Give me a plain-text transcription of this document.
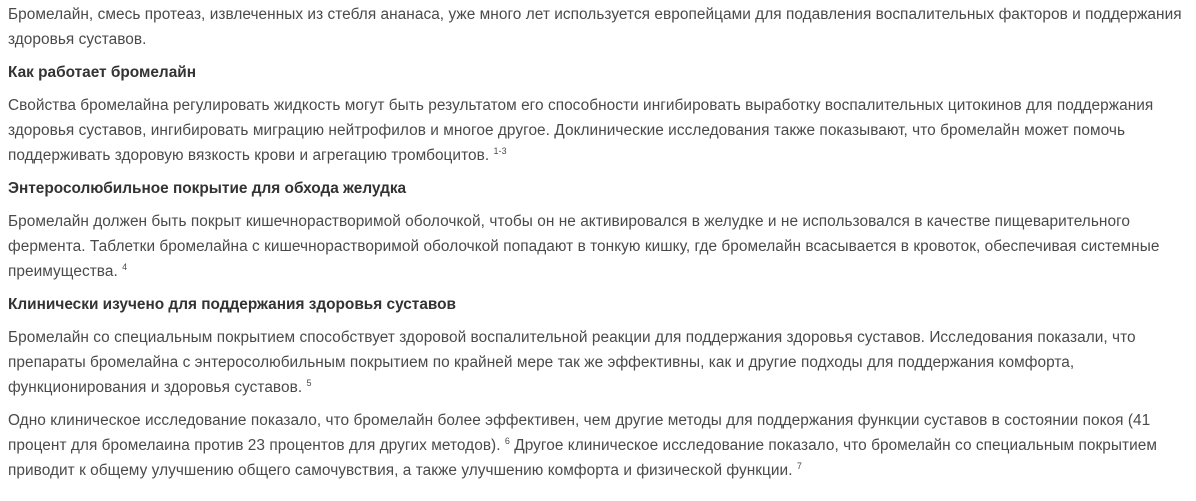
Бромелайн, смесь протеаз, извлеченных из стебля ананаса, уже много лет используется европейцами для подавления воспалительных факторов и поддержания здоровья суставов.

Как работает бромелайн

Свойства бромелайна регулировать жидкость могут быть результатом его способности ингибировать выработку воспалительных цитокинов для поддержания здоровья суставов, ингибировать миграцию нейтрофилов и многое другое. Доклинические исследования также показывают, что бромелайн может помочь поддерживать здоровую вязкость крови и агрегацию тромбоцитов. $^{1-3}$

Энтеросолюбильное покрытие для обхода желудка

Бромелайн должен быть покрыт кишечнорастворимой оболочкой, чтобы он не активировался в желудке и не использовался в качестве пищеварительного фермента. Таблетки бромелайна с кишечнорастворимой оболочкой попадают в тонкую кишку, где бромелайн всасывается в кровоток, обеспечивая системные преимущества. $^4$

Клинически изучено для поддержания здоровья суставов

Бромелайн со специальным покрытием способствует здоровой воспалительной реакции для поддержания здоровья суставов. Исследования показали, что препараты бромелайна с энтеросолюбильным покрытием по крайней мере так же эффективны, как и другие подходы для поддержания комфорта, функционирования и здоровья суставов. $^5$

Одно клиническое исследование показало, что бромелайн более эффективен, чем другие методы для поддержания функции суставов в состоянии покоя (41 процент для бромелаина против 23 процентов для других методов). $^6$ Другое клиническое исследование показало, что бромелайн со специальным покрытием приводит к общему улучшению общего самочувствия, а также улучшению комфорта и физической функции. $^7$
